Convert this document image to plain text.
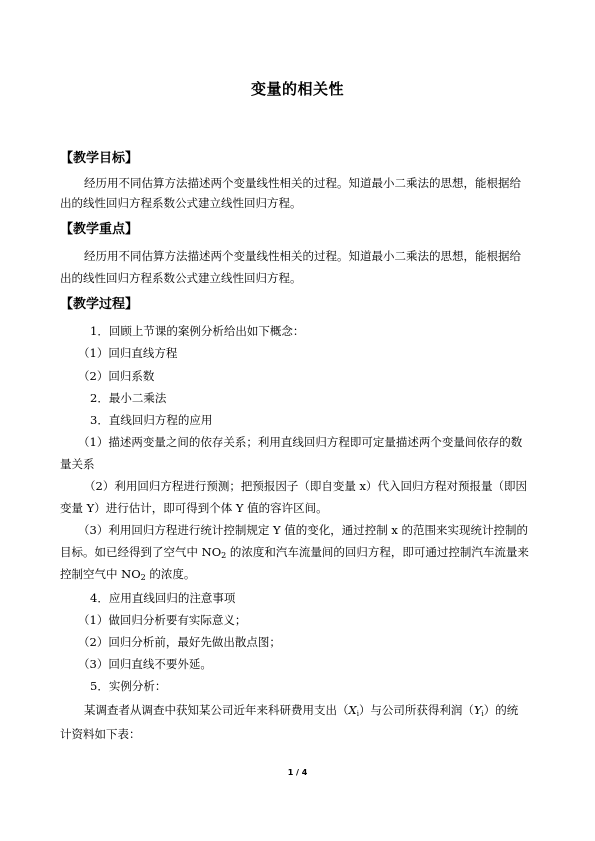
变量的相关性
【教学目标】
经历用不同估算方法描述两个变量线性相关的过程。知道最小二乘法的思想，能根据给
出的线性回归方程系数公式建立线性回归方程。
【教学重点】
经历用不同估算方法描述两个变量线性相关的过程。知道最小二乘法的思想，能根据给
出的线性回归方程系数公式建立线性回归方程。
【教学过程】
1．回顾上节课的案例分析给出如下概念：
（1）回归直线方程
（2）回归系数
2．最小二乘法
3．直线回归方程的应用
（1）描述两变量之间的依存关系；利用直线回归方程即可定量描述两个变量间依存的数
量关系
（2）利用回归方程进行预测；把预报因子（即自变量 x）代入回归方程对预报量（即因
变量 Y）进行估计，即可得到个体 Y 值的容许区间。
（3）利用回归方程进行统计控制规定 Y 值的变化，通过控制 x 的范围来实现统计控制的
目标。如已经得到了空气中 $NO_2$ 的浓度和汽车流量间的回归方程，即可通过控制汽车流量来
控制空气中 $NO_2$ 的浓度。
4．应用直线回归的注意事项
（1）做回归分析要有实际意义；
（2）回归分析前，最好先做出散点图；
（3）回归直线不要外延。
5．实例分析：
某调查者从调查中获知某公司近年来科研费用支出（Xi）与公司所获得利润（Yi）的统
计资料如下表：
1 / 4
